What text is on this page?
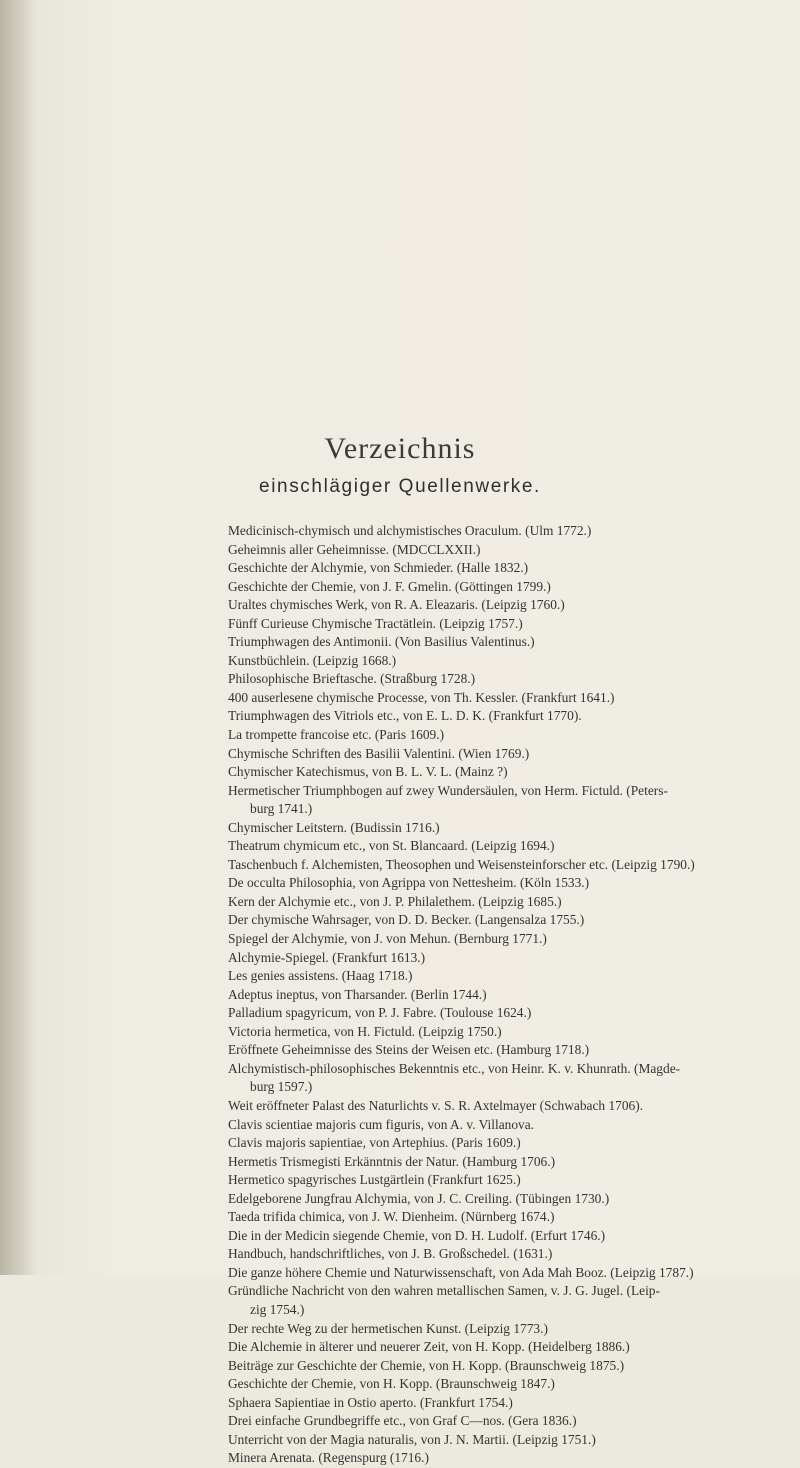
Verzeichnis

einschlägiger Quellenwerke.

Medicinisch-chymisch und alchymistisches Oraculum. (Ulm 1772.)
Geheimnis aller Geheimnisse. (MDCCLXXII.)
Geschichte der Alchymie, von Schmieder. (Halle 1832.)
Geschichte der Chemie, von J. F. Gmelin. (Göttingen 1799.)
Uraltes chymisches Werk, von R. A. Eleazaris. (Leipzig 1760.)
Fünff Curieuse Chymische Tractätlein. (Leipzig 1757.)
Triumphwagen des Antimonii. (Von Basilius Valentinus.)
Kunstbüchlein. (Leipzig 1668.)
Philosophische Brieftasche. (Straßburg 1728.)
400 auserlesene chymische Processe, von Th. Kessler. (Frankfurt 1641.)
Triumphwagen des Vitriols etc., von E. L. D. K. (Frankfurt 1770).
La trompette francoise etc. (Paris 1609.)
Chymische Schriften des Basilii Valentini. (Wien 1769.)
Chymischer Katechismus, von B. L. V. L. (Mainz ?)
Hermetischer Triumphbogen auf zwey Wundersäulen, von Herm. Fictuld. (Peters-
burg 1741.)
Chymischer Leitstern. (Budissin 1716.)
Theatrum chymicum etc., von St. Blancaard. (Leipzig 1694.)
Taschenbuch f. Alchemisten, Theosophen und Weisensteinforscher etc. (Leipzig 1790.)
De occulta Philosophia, von Agrippa von Nettesheim. (Köln 1533.)
Kern der Alchymie etc., von J. P. Philalethem. (Leipzig 1685.)
Der chymische Wahrsager, von D. D. Becker. (Langensalza 1755.)
Spiegel der Alchymie, von J. von Mehun. (Bernburg 1771.)
Alchymie-Spiegel. (Frankfurt 1613.)
Les genies assistens. (Haag 1718.)
Adeptus ineptus, von Tharsander. (Berlin 1744.)
Palladium spagyricum, von P. J. Fabre. (Toulouse 1624.)
Victoria hermetica, von H. Fictuld. (Leipzig 1750.)
Eröffnete Geheimnisse des Steins der Weisen etc. (Hamburg 1718.)
Alchymistisch-philosophisches Bekenntnis etc., von Heinr. K. v. Khunrath. (Magde-
burg 1597.)
Weit eröffneter Palast des Naturlichts v. S. R. Axtelmayer (Schwabach 1706).
Clavis scientiae majoris cum figuris, von A. v. Villanova.
Clavis majoris sapientiae, von Artephius. (Paris 1609.)
Hermetis Trismegisti Erkänntnis der Natur. (Hamburg 1706.)
Hermetico spagyrisches Lustgärtlein (Frankfurt 1625.)
Edelgeborene Jungfrau Alchymia, von J. C. Creiling. (Tübingen 1730.)
Taeda trifida chimica, von J. W. Dienheim. (Nürnberg 1674.)
Die in der Medicin siegende Chemie, von D. H. Ludolf. (Erfurt 1746.)
Handbuch, handschriftliches, von J. B. Großschedel. (1631.)
Die ganze höhere Chemie und Naturwissenschaft, von Ada Mah Booz. (Leipzig 1787.)
Gründliche Nachricht von den wahren metallischen Samen, v. J. G. Jugel. (Leip-
zig 1754.)
Der rechte Weg zu der hermetischen Kunst. (Leipzig 1773.)
Die Alchemie in älterer und neuerer Zeit, von H. Kopp. (Heidelberg 1886.)
Beiträge zur Geschichte der Chemie, von H. Kopp. (Braunschweig 1875.)
Geschichte der Chemie, von H. Kopp. (Braunschweig 1847.)
Sphaera Sapientiae in Ostio aperto. (Frankfurt 1754.)
Drei einfache Grundbegriffe etc., von Graf C—nos. (Gera 1836.)
Unterricht von der Magia naturalis, von J. N. Martii. (Leipzig 1751.)
Minera Arenata. (Regenspurg (1716.)
